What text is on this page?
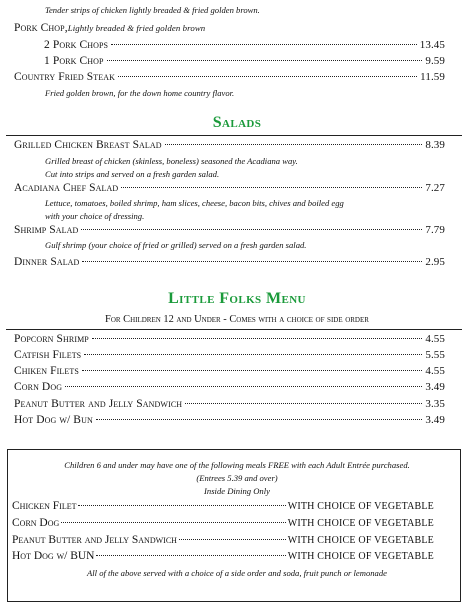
Tender strips of chicken lightly breaded & fried golden brown.
Pork Chop, Lightly breaded & fried golden brown
2 Pork Chops	13.45
1 Pork Chop	9.59
Country Fried Steak	11.59
Fried golden brown, for the down home country flavor.
Salads
Grilled Chicken Breast Salad	8.39
Grilled breast of chicken (skinless, boneless) seasoned the Acadiana way.
Cut into strips and served on a fresh garden salad.
Acadiana Chef Salad	7.27
Lettuce, tomatoes, boiled shrimp, ham slices, cheese, bacon bits, chives and boiled egg
with your choice of dressing.
Shrimp Salad	7.79
Gulf shrimp (your choice of fried or grilled) served on a fresh garden salad.
Dinner Salad	2.95
Little Folks Menu
For Children 12 and Under - Comes with a choice of side order
Popcorn Shrimp	4.55
Catfish Filets	5.55
Chiken Filets	4.55
Corn Dog	3.49
Peanut Butter and Jelly Sandwich	3.35
Hot Dog w/ Bun	3.49
Children 6 and under may have one of the following meals FREE with each Adult Entrée purchased.
(Entrees 5.39 and over)
Inside Dining Only
Chicken Filet	WITH CHOICE OF VEGETABLE
Corn Dog	WITH CHOICE OF VEGETABLE
Peanut Butter and Jelly Sandwich	WITH CHOICE OF VEGETABLE
Hot Dog w/ BUN	WITH CHOICE OF VEGETABLE
All of the above served with a choice of a side order and soda, fruit punch or lemonade
